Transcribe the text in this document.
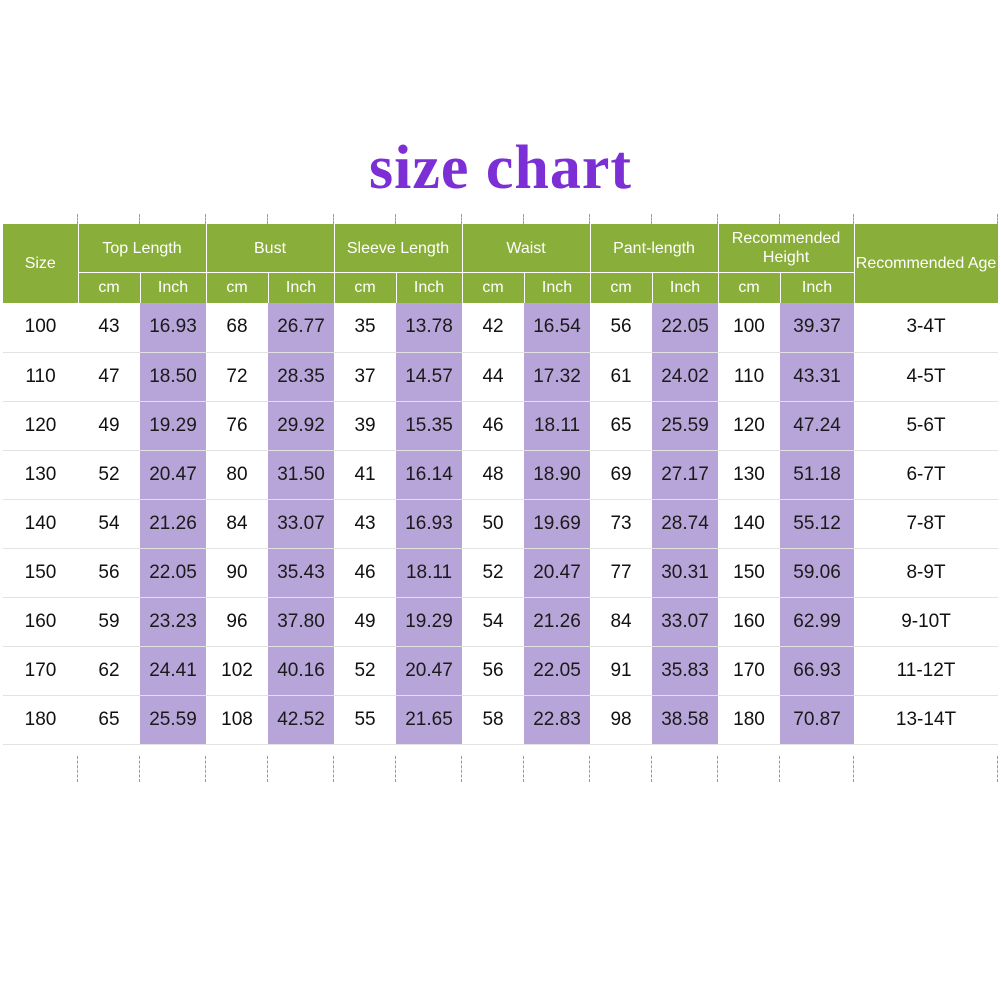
size chart
Size	Top Length		Bust		Sleeve Length		Waist		Pant-length		Recommended Height		Recommended Age
	cm	Inch	cm	Inch	cm	Inch	cm	Inch	cm	Inch	cm	Inch	
100	43	16.93	68	26.77	35	13.78	42	16.54	56	22.05	100	39.37	3-4T
110	47	18.50	72	28.35	37	14.57	44	17.32	61	24.02	110	43.31	4-5T
120	49	19.29	76	29.92	39	15.35	46	18.11	65	25.59	120	47.24	5-6T
130	52	20.47	80	31.50	41	16.14	48	18.90	69	27.17	130	51.18	6-7T
140	54	21.26	84	33.07	43	16.93	50	19.69	73	28.74	140	55.12	7-8T
150	56	22.05	90	35.43	46	18.11	52	20.47	77	30.31	150	59.06	8-9T
160	59	23.23	96	37.80	49	19.29	54	21.26	84	33.07	160	62.99	9-10T
170	62	24.41	102	40.16	52	20.47	56	22.05	91	35.83	170	66.93	11-12T
180	65	25.59	108	42.52	55	21.65	58	22.83	98	38.58	180	70.87	13-14T
